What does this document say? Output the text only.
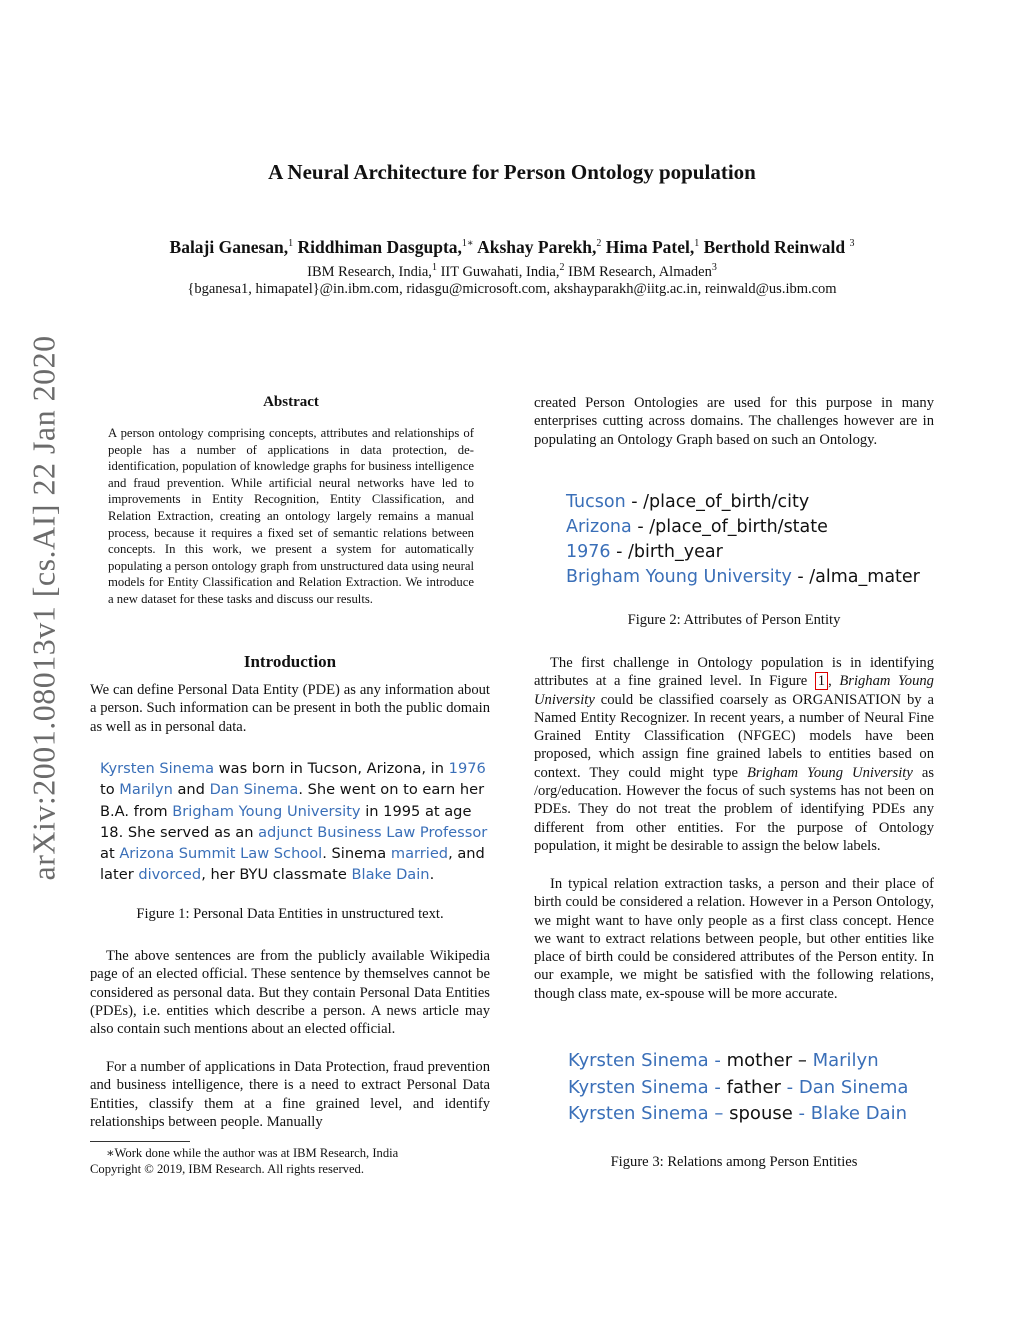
A Neural Architecture for Person Ontology population
Balaji Ganesan,$^1$ Riddhiman Dasgupta,$^{1∗}$ Akshay Parekh,$^2$ Hima Patel,$^1$ Berthold Reinwald $^3$
IBM Research, India,$^1$ IIT Guwahati, India,$^2$ IBM Research, Almaden$^3$
{bganesa1, himapatel}@in.ibm.com, ridasgu@microsoft.com, akshayparakh@iitg.ac.in, reinwald@us.ibm.com
arXiv:2001.08013v1 [cs.AI] 22 Jan 2020	Abstract
A person ontology comprising concepts, attributes and relationships of people has a number of applications in data protection, de-identification, population of knowledge graphs for business intelligence and fraud prevention. While artificial neural networks have led to improvements in Entity Recognition, Entity Classification, and Relation Extraction, creating an ontology largely remains a manual process, because it requires a fixed set of semantic relations between concepts. In this work, we present a system for automatically populating a person ontology graph from unstructured data using neural models for Entity Classification and Relation Extraction. We introduce a new dataset for these tasks and discuss our results.
Introduction
We can define Personal Data Entity (PDE) as any information about a person. Such information can be present in both the public domain as well as in personal data.
Kyrsten Sinema was born in Tucson, Arizona, in 1976 to Marilyn and Dan Sinema. She went on to earn her B.A. from Brigham Young University in 1995 at age 18. She served as an adjunct Business Law Professor at Arizona Summit Law School. Sinema married, and later divorced, her BYU classmate Blake Dain.
Figure 1: Personal Data Entities in unstructured text.
The above sentences are from the publicly available Wikipedia page of an elected official. These sentence by themselves cannot be considered as personal data. But they contain Personal Data Entities (PDEs), i.e. entities which describe a person. A news article may also contain such mentions about an elected official.
For a number of applications in Data Protection, fraud prevention and business intelligence, there is a need to extract Personal Data Entities, classify them at a fine grained level, and identify relationships between people. Manually
∗Work done while the author was at IBM Research, India
Copyright © 2019, IBM Research. All rights reserved.
created Person Ontologies are used for this purpose in many enterprises cutting across domains. The challenges however are in populating an Ontology Graph based on such an Ontology.
Tucson - /place_of_birth/city
Arizona - /place_of_birth/state
1976 - /birth_year
Brigham Young University - /alma_mater
Figure 2: Attributes of Person Entity
The first challenge in Ontology population is in identifying attributes at a fine grained level. In Figure 1 , Brigham Young University could be classified coarsely as ORGANISATION by a Named Entity Recognizer. In recent years, a number of Neural Fine Grained Entity Classification (NFGEC) models have been proposed, which assign fine grained labels to entities based on context. They could might type Brigham Young University as /org/education. However the focus of such systems has not been on PDEs. They do not treat the problem of identifying PDEs any different from other entities. For the purpose of Ontology population, it might be desirable to assign the below labels.
In typical relation extraction tasks, a person and their place of birth could be considered a relation. However in a Person Ontology, we might want to have only people as a first class concept. Hence we want to extract relations between people, but other entities like place of birth could be considered attributes of the Person entity. In our example, we might be satisfied with the following relations, though class mate, ex-spouse will be more accurate.
Kyrsten Sinema - mother – Marilyn
Kyrsten Sinema - father - Dan Sinema
Kyrsten Sinema – spouse - Blake Dain
Figure 3: Relations among Person Entities
